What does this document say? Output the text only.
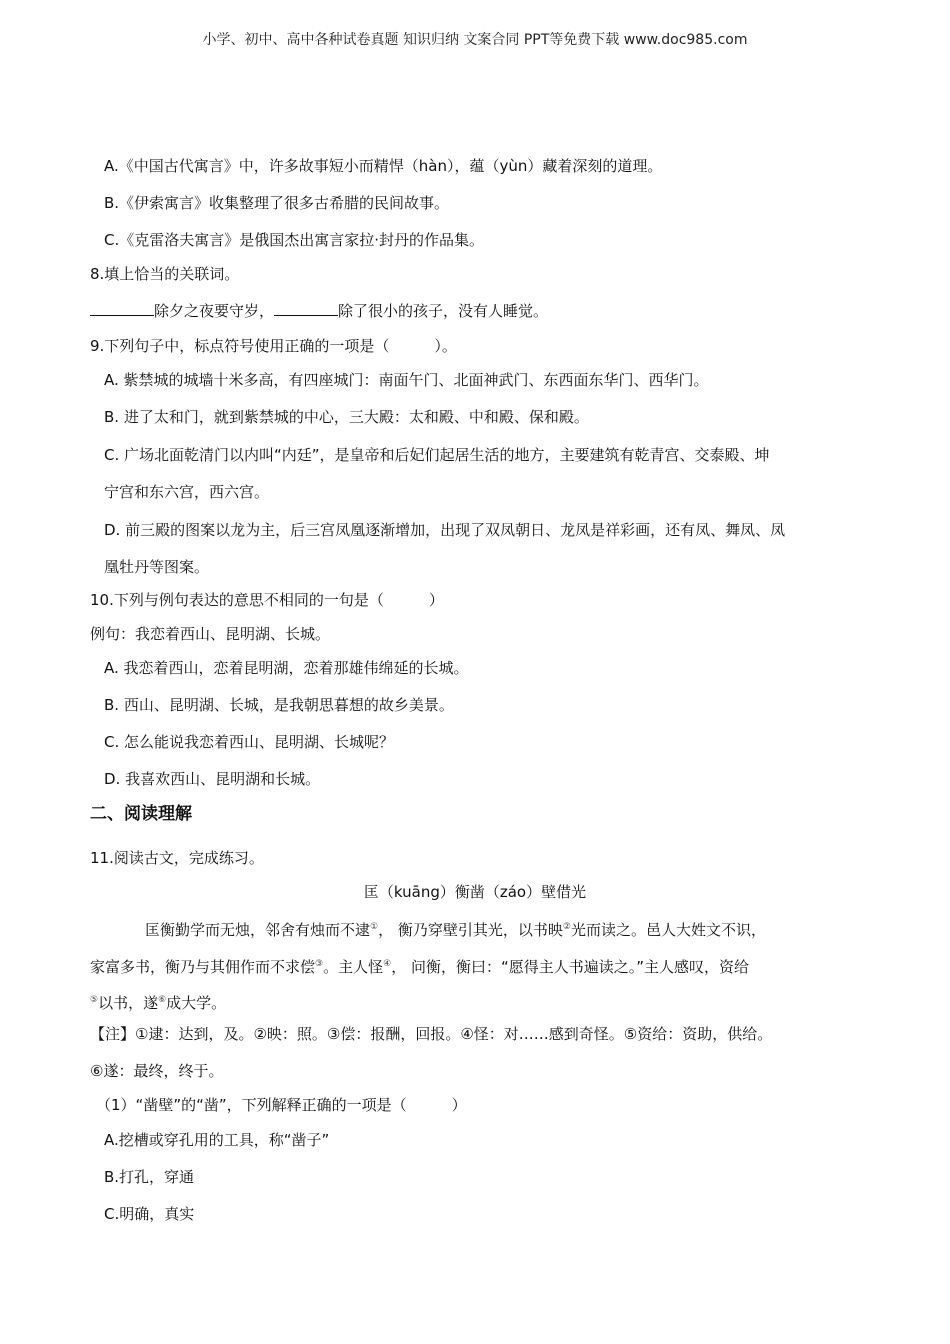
小学、初中、高中各种试卷真题 知识归纳 文案合同 PPT等免费下载 www.doc985.com
A.《中国古代寓言》中，许多故事短小而精悍（hàn），蕴（yùn）藏着深刻的道理。
B.《伊索寓言》收集整理了很多古希腊的民间故事。
C.《克雷洛夫寓言》是俄国杰出寓言家拉·封丹的作品集。
8.填上恰当的关联词。
除夕之夜要守岁，	除了很小的孩子，没有人睡觉。
9.下列句子中，标点符号使用正确的一项是（　　　）。
A. 紫禁城的城墙十米多高，有四座城门：南面午门、北面神武门、东西面东华门、西华门。
B. 进了太和门，就到紫禁城的中心，三大殿：太和殿、中和殿、保和殿。
C. 广场北面乾清门以内叫“内廷”，是皇帝和后妃们起居生活的地方，主要建筑有乾青宫、交泰殿、坤
宁宫和东六宫，西六宫。
D. 前三殿的图案以龙为主，后三宫凤凰逐渐增加，出现了双凤朝日、龙凤是祥彩画，还有凤、舞凤、凤
凰牡丹等图案。
10.下列与例句表达的意思不相同的一句是（　　　）
例句：我恋着西山、昆明湖、长城。
A. 我恋着西山，恋着昆明湖，恋着那雄伟绵延的长城。
B. 西山、昆明湖、长城，是我朝思暮想的故乡美景。
C. 怎么能说我恋着西山、昆明湖、长城呢？
D. 我喜欢西山、昆明湖和长城。
二、阅读理解
11.阅读古文，完成练习。
匡（kuāng）衡凿（záo）壁借光
匡衡勤学而无烛，邻舍有烛而不逮①， 衡乃穿壁引其光，以书映②光而读之。邑人大姓文不识，
家富多书，衡乃与其佣作而不求偿③。主人怪④， 问衡，衡曰：“愿得主人书遍读之。”主人感叹，资给
⑤以书，遂⑥成大学。
【注】①逮：达到，及。②映：照。③偿：报酬，回报。④怪：对……感到奇怪。⑤资给：资助，供给。
⑥遂：最终，终于。
（1）“凿壁”的“凿”，下列解释正确的一项是（　　　）
A.挖槽或穿孔用的工具，称“凿子”
B.打孔，穿通
C.明确，真实
